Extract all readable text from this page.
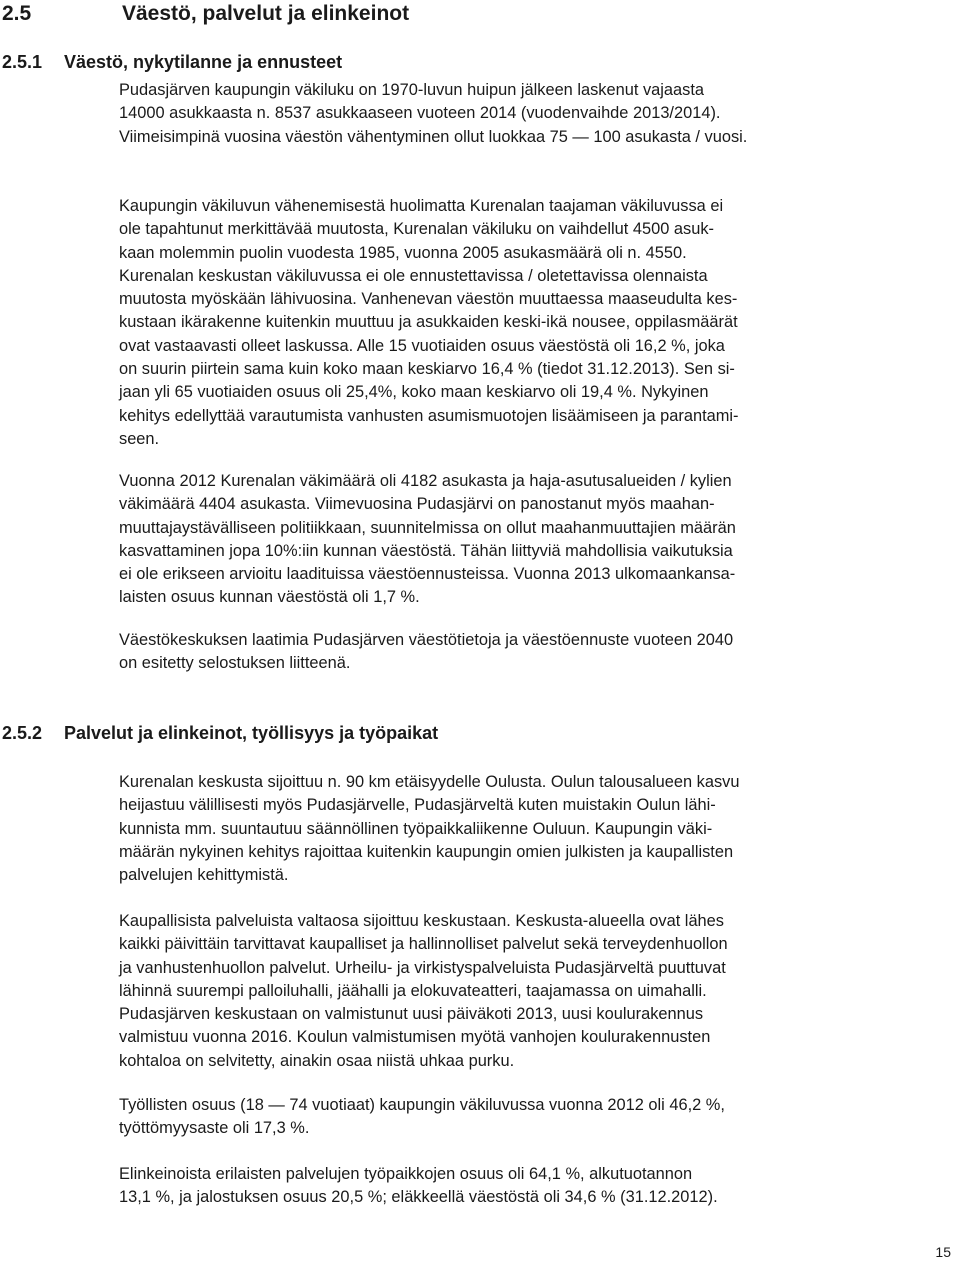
2.5	Väestö, palvelut ja elinkeinot
2.5.1 Väestö, nykytilanne ja ennusteet

Pudasjärven kaupungin väkiluku on 1970-luvun huipun jälkeen laskenut vajaasta
14000 asukkaasta n. 8537 asukkaaseen vuoteen 2014 (vuodenvaihde 2013/2014).
Viimeisimpinä vuosina väestön vähentyminen ollut luokkaa 75 — 100 asukasta / vuosi.

Kaupungin väkiluvun vähenemisestä huolimatta Kurenalan taajaman väkiluvussa ei
ole tapahtunut merkittävää muutosta, Kurenalan väkiluku on vaihdellut 4500 asuk-
kaan molemmin puolin vuodesta 1985, vuonna 2005 asukasmäärä oli n. 4550.
Kurenalan keskustan väkiluvussa ei ole ennustettavissa / oletettavissa olennaista
muutosta myöskään lähivuosina. Vanhenevan väestön muuttaessa maaseudulta kes-
kustaan ikärakenne kuitenkin muuttuu ja asukkaiden keski-ikä nousee, oppilasmäärät
ovat vastaavasti olleet laskussa. Alle 15 vuotiaiden osuus väestöstä oli 16,2 %, joka
on suurin piirtein sama kuin koko maan keskiarvo 16,4 % (tiedot 31.12.2013). Sen si-
jaan yli 65 vuotiaiden osuus oli 25,4%, koko maan keskiarvo oli 19,4 %. Nykyinen
kehitys edellyttää varautumista vanhusten asumismuotojen lisäämiseen ja parantami-
seen.

Vuonna 2012 Kurenalan väkimäärä oli 4182 asukasta ja haja-asutusalueiden / kylien
väkimäärä 4404 asukasta. Viimevuosina Pudasjärvi on panostanut myös maahan-
muuttajaystävälliseen politiikkaan, suunnitelmissa on ollut maahanmuuttajien määrän
kasvattaminen jopa 10%:iin kunnan väestöstä. Tähän liittyviä mahdollisia vaikutuksia
ei ole erikseen arvioitu laadituissa väestöennusteissa. Vuonna 2013 ulkomaankansa-
laisten osuus kunnan väestöstä oli 1,7 %.

Väestökeskuksen laatimia Pudasjärven väestötietoja ja väestöennuste vuoteen 2040
on esitetty selostuksen liitteenä.

2.5.2 Palvelut ja elinkeinot, työllisyys ja työpaikat

Kurenalan keskusta sijoittuu n. 90 km etäisyydelle Oulusta. Oulun talousalueen kasvu
heijastuu välillisesti myös Pudasjärvelle, Pudasjärveltä kuten muistakin Oulun lähi-
kunnista mm. suuntautuu säännöllinen työpaikkaliikenne Ouluun. Kaupungin väki-
määrän nykyinen kehitys rajoittaa kuitenkin kaupungin omien julkisten ja kaupallisten
palvelujen kehittymistä.

Kaupallisista palveluista valtaosa sijoittuu keskustaan. Keskusta-alueella ovat lähes
kaikki päivittäin tarvittavat kaupalliset ja hallinnolliset palvelut sekä terveydenhuollon
ja vanhustenhuollon palvelut. Urheilu- ja virkistyspalveluista Pudasjärveltä puuttuvat
lähinnä suurempi palloiluhalli, jäähalli ja elokuvateatteri, taajamassa on uimahalli.
Pudasjärven keskustaan on valmistunut uusi päiväkoti 2013, uusi koulurakennus
valmistuu vuonna 2016. Koulun valmistumisen myötä vanhojen koulurakennusten
kohtaloa on selvitetty, ainakin osaa niistä uhkaa purku.

Työllisten osuus (18 — 74 vuotiaat) kaupungin väkiluvussa vuonna 2012 oli 46,2 %,
työttömyysaste oli 17,3 %.

Elinkeinoista erilaisten palvelujen työpaikkojen osuus oli 64,1 %, alkutuotannon
13,1 %, ja jalostuksen osuus 20,5 %; eläkkeellä väestöstä oli 34,6 % (31.12.2012).

15
